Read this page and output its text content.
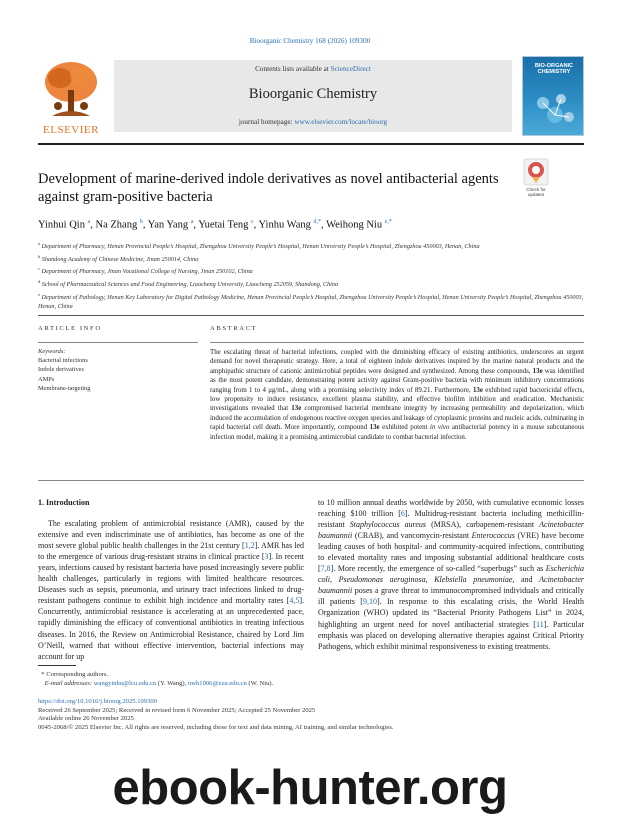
Bioorganic Chemistry 168 (2026) 109300
ELSEVIER
Contents lists available at ScienceDirect
Bioorganic Chemistry
journal homepage: www.elsevier.com/locate/bioorg
BIO-ORGANIC
CHEMISTRY
Development of marine-derived indole derivatives as novel antibacterial agents against gram-positive bacteria	Check for
updates
Yinhui Qin $^a$, Na Zhang $^b$, Yan Yang $^a$, Yuetai Teng $^c$, Yinhu Wang $^{d,*}$, Weihong Niu $^{e,*}$
$^a$ Department of Pharmacy, Henan Provincial People’s Hospital, Zhengzhou University People’s Hospital, Henan University People’s Hospital, Zhengzhou 450003, Henan, China
$^b$ Shandong Academy of Chinese Medicine, Jinan 250014, China
$^c$ Department of Pharmacy, Jinan Vocational College of Nursing, Jinan 250102, China
$^d$ School of Pharmaceutical Sciences and Food Engineering, Liaocheng University, Liaocheng 252059, Shandong, China
$^e$ Department of Pathology, Henan Key Laboratory for Digital Pathology Medicine, Henan Provincial People’s Hospital, Zhengzhou University People’s Hospital, Henan University People’s Hospital, Zhengzhou 450003, Henan, China
ARTICLE INFO	ABSTRACT
Keywords:
Bacterial infections
Indole derivatives
AMPs
Membrane-targeting
The escalating threat of bacterial infections, coupled with the diminishing efficacy of existing antibiotics, underscores an urgent demand for novel therapeutic strategy. Here, a total of eighteen indole derivatives inspired by the marine natural products and the amphipathic structure of cationic antimicrobial peptides were designed and synthesized. Among these compounds, 13e was identified as the most potent candidate, demonstrating potent activity against Gram-positive bacteria with minimum inhibitory concentrations ranging from 1 to 4 μg/mL, along with a promising selectivity index of 89.21. Furthermore, 13e exhibited rapid bactericidal effects, low propensity to induce resistance, excellent plasma stability, and effective biofilm inhibition and eradication. Mechanistic investigations revealed that 13e compromised bacterial membrane integrity by increasing permeability and depolarization, which induced the accumulation of endogenous reactive oxygen species and leakage of cytoplasmic proteins and nucleic acids, culminating in rapid bacterial cell death. More importantly, compound 13e exhibited potent in vivo antibacterial potency in a mouse subcutaneous infection model, making it a promising antimicrobial candidate to combat bacterial infection.
1. Introduction

The escalating problem of antimicrobial resistance (AMR), caused by the extensive and even indiscriminate use of antibiotics, has become as one of the most severe global public health challenges in the 21st century [1,2]. AMR has led to the emergence of various drug-resistant strains in clinical practice [3]. In recent years, infections caused by resistant bacteria have posed increasingly severe public health challenges, particularly in regions with limited healthcare resources. Diseases such as sepsis, pneumonia, and urinary tract infections linked to drug-resistant pathogens continue to exhibit high incidence and mortality rates [4,5]. Concurrently, antimicrobial resistance is accelerating at an unprecedented pace, rapidly diminishing the efficacy of conventional antibiotics in treating infectious diseases. In 2016, the Review on Antimicrobial Resistance, chaired by Lord Jim O’Neill, warned that without effective intervention, bacterial infections may account for up

to 10 million annual deaths worldwide by 2050, with cumulative economic losses reaching $100 trillion [6]. Multidrug-resistant bacteria including methicillin-resistant Staphylococcus aureus (MRSA), carbapenem-resistant Acinetobacter baumannii (CRAB), and vancomycin-resistant Enterococcus (VRE) have become leading causes of both hospital- and community-acquired infections, contributing to elevated mortality rates and imposing substantial additional healthcare costs [7,8]. More recently, the emergence of so-called “superbugs” such as Escherichia coli, Pseudomonas aeruginosa, Klebsiella pneumoniae, and Acinetobacter baumannii poses a grave threat to immunocompromised individuals and critically ill patients [9,10]. In response to this escalating crisis, the World Health Organization (WHO) updated its “Bacterial Priority Pathogens List” in 2024, highlighting an urgent need for novel antibacterial strategies [11]. Particular emphasis was placed on developing alternative therapies against Critical Priority Pathogens, which exhibit minimal responsiveness to existing treatments.

* Corresponding authors.
E-mail addresses: wangyinhu@lcu.edu.cn (Y. Wang), nwh1006@zzu.edu.cn (W. Niu).
https://doi.org/10.1016/j.bioorg.2025.109300
Received 26 September 2025; Received in revised form 6 November 2025; Accepted 25 November 2025
Available online 26 November 2025
0045-2068/© 2025 Elsevier Inc. All rights are reserved, including those for text and data mining, AI training, and similar technologies.
ebook-hunter.org
